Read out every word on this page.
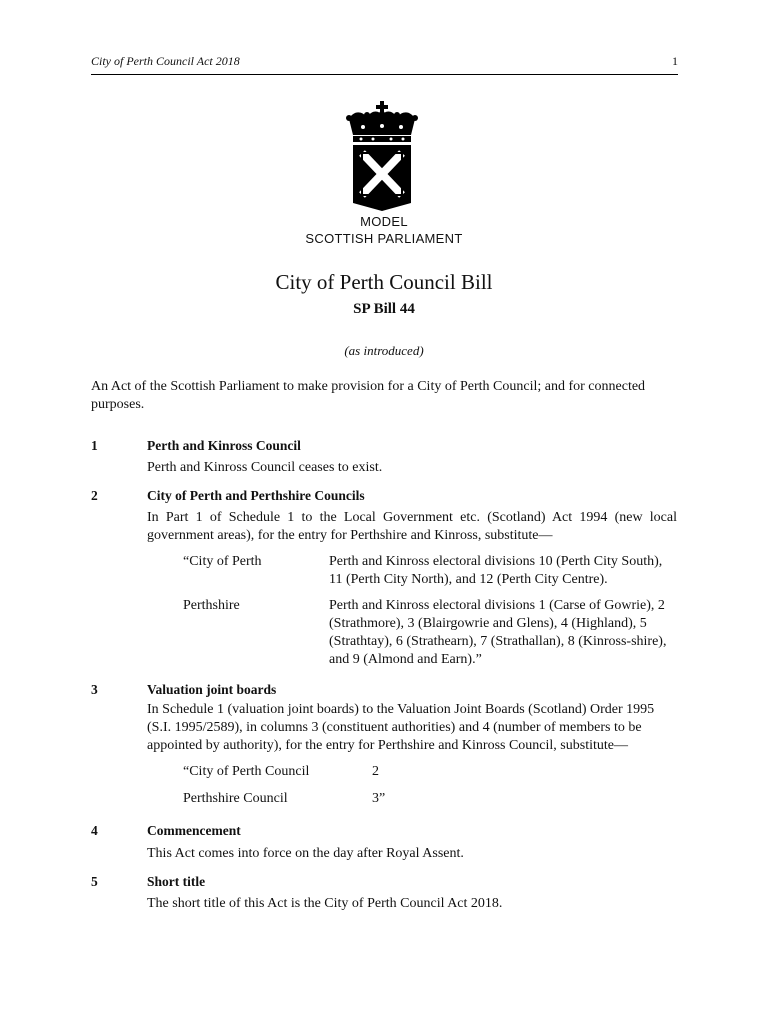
City of Perth Council Act 2018	1
MODEL
SCOTTISH PARLIAMENT
City of Perth Council Bill
SP Bill 44
(as introduced)
An Act of the Scottish Parliament to make provision for a City of Perth Council; and for connected purposes.
1	Perth and Kinross Council
Perth and Kinross Council ceases to exist.
2	City of Perth and Perthshire Councils
In Part 1 of Schedule 1 to the Local Government etc. (Scotland) Act 1994 (new local government areas), for the entry for Perthshire and Kinross, substitute—
“City of Perth	Perth and Kinross electoral divisions 10 (Perth City South), 11 (Perth City North), and 12 (Perth City Centre).
Perthshire	Perth and Kinross electoral divisions 1 (Carse of Gowrie), 2 (Strathmore), 3 (Blairgowrie and Glens), 4 (Highland), 5 (Strathtay), 6 (Strathearn), 7 (Strathallan), 8 (Kinross-shire), and 9 (Almond and Earn).”
3	Valuation joint boards
In Schedule 1 (valuation joint boards) to the Valuation Joint Boards (Scotland) Order 1995 (S.I. 1995/2589), in columns 3 (constituent authorities) and 4 (number of members to be appointed by authority), for the entry for Perthshire and Kinross Council, substitute—
“City of Perth Council	2
Perthshire Council	3”
4	Commencement
This Act comes into force on the day after Royal Assent.
5	Short title
The short title of this Act is the City of Perth Council Act 2018.
